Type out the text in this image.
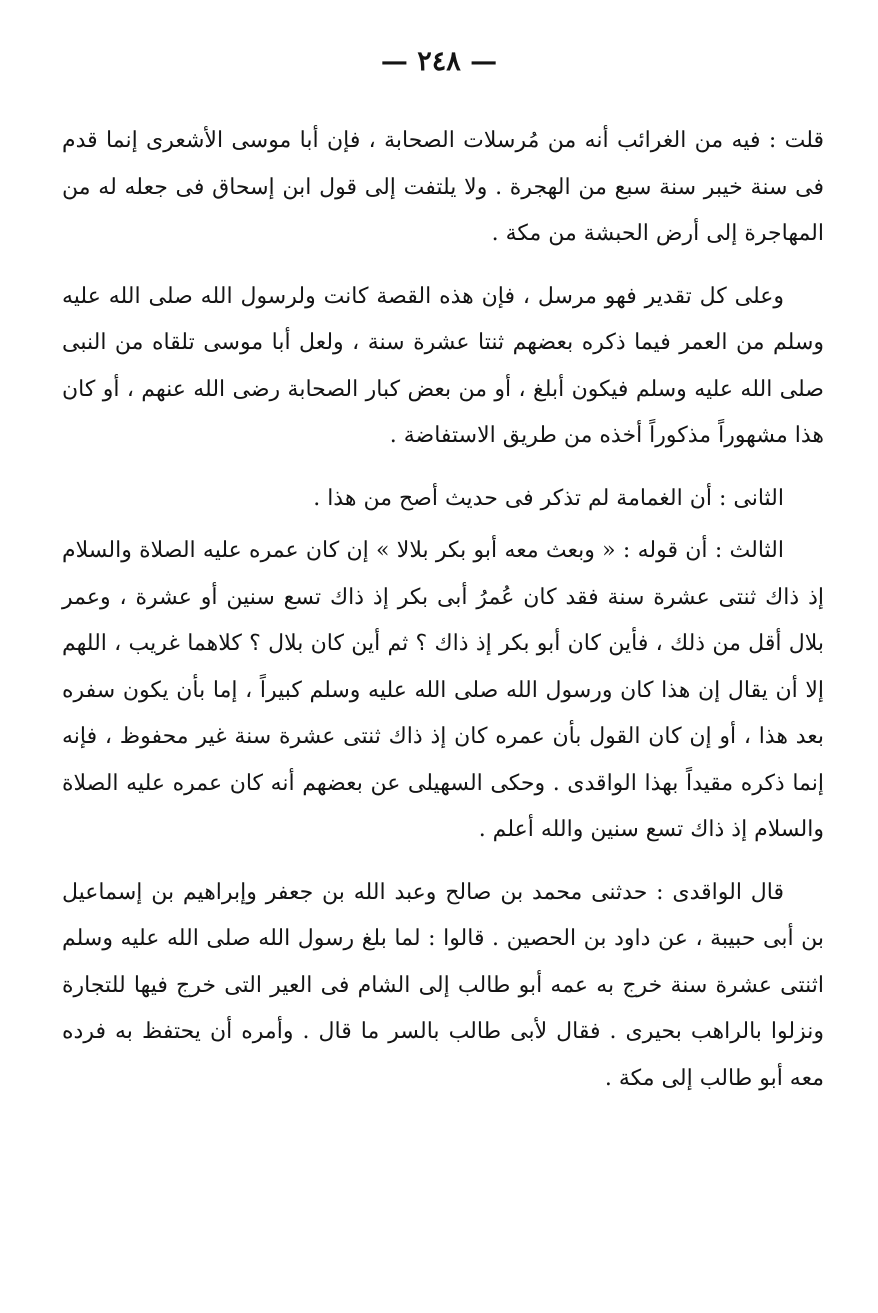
— ٢٤٨ —

قلت : فيه من الغرائب أنه من مُرسلات الصحابة ، فإن أبا موسى الأشعرى إنما قدم فى سنة خيبر سنة سبع من الهجرة . ولا يلتفت إلى قول ابن إسحاق فى جعله له من المهاجرة إلى أرض الحبشة من مكة .

وعلى كل تقدير فهو مرسل ، فإن هذه القصة كانت ولرسول الله صلى الله عليه وسلم من العمر فيما ذكره بعضهم ثنتا عشرة سنة ، ولعل أبا موسى تلقاه من النبى صلى الله عليه وسلم فيكون أبلغ ، أو من بعض كبار الصحابة رضى الله عنهم ، أو كان هذا مشهوراً مذكوراً أخذه من طريق الاستفاضة .

الثانى : أن الغمامة لم تذكر فى حديث أصح من هذا .

الثالث : أن قوله : « وبعث معه أبو بكر بلالا » إن كان عمره عليه الصلاة والسلام إذ ذاك ثنتى عشرة سنة فقد كان عُمرُ أبى بكر إذ ذاك تسع سنين أو عشرة ، وعمر بلال أقل من ذلك ، فأين كان أبو بكر إذ ذاك ؟ ثم أين كان بلال ؟ كلاهما غريب ، اللهم إلا أن يقال إن هذا كان ورسول الله صلى الله عليه وسلم كبيراً ، إما بأن يكون سفره بعد هذا ، أو إن كان القول بأن عمره كان إذ ذاك ثنتى عشرة سنة غير محفوظ ، فإنه إنما ذكره مقيداً بهذا الواقدى . وحكى السهيلى عن بعضهم أنه كان عمره عليه الصلاة والسلام إذ ذاك تسع سنين والله أعلم .

قال الواقدى : حدثنى محمد بن صالح وعبد الله بن جعفر وإبراهيم بن إسماعيل بن أبى حبيبة ، عن داود بن الحصين . قالوا : لما بلغ رسول الله صلى الله عليه وسلم اثنتى عشرة سنة خرج به عمه أبو طالب إلى الشام فى العير التى خرج فيها للتجارة ونزلوا بالراهب بحيرى . فقال لأبى طالب بالسر ما قال . وأمره أن يحتفظ به فرده معه أبو طالب إلى مكة .
